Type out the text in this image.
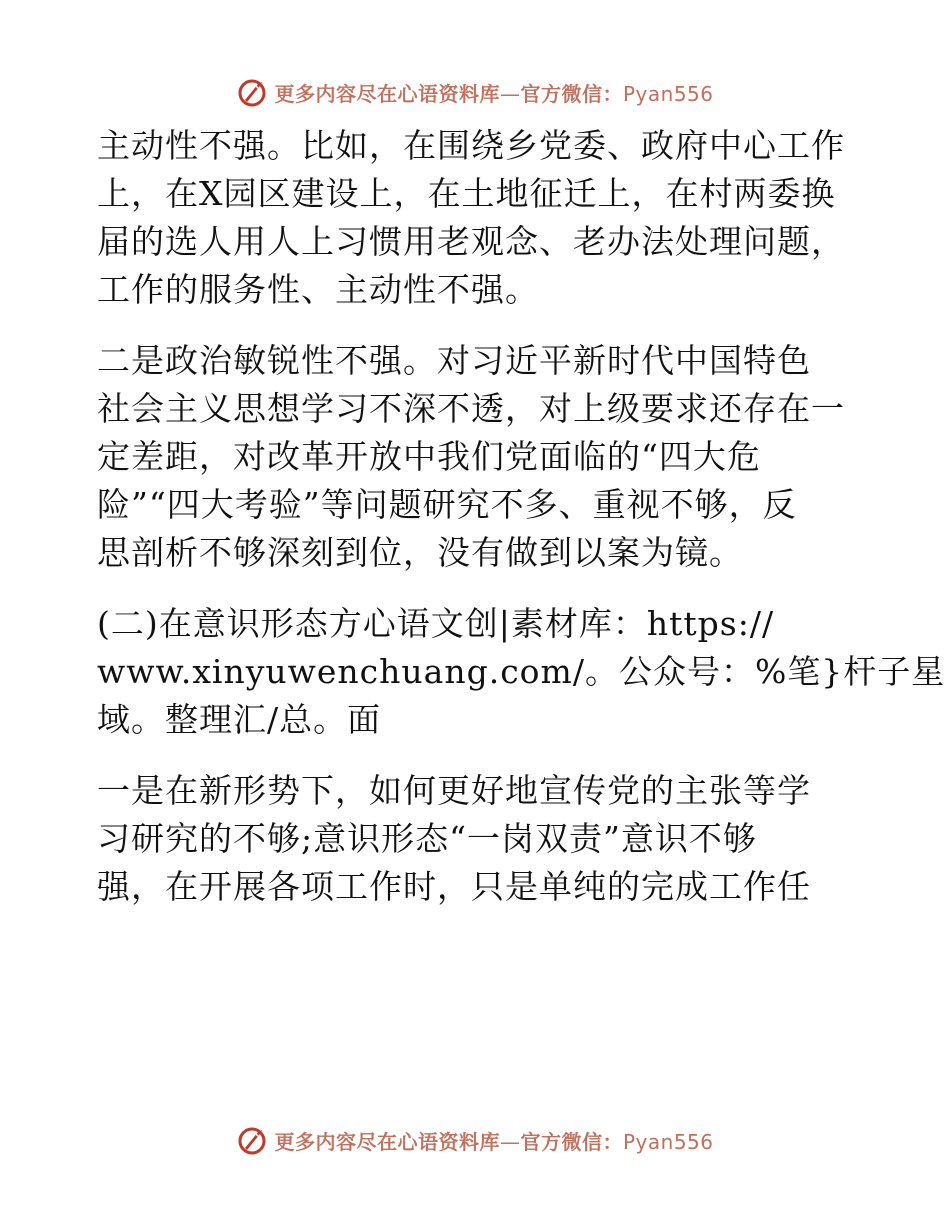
更多内容尽在心语资料库—官方微信：Pyan556
主动性不强。比如，在围绕乡党委、政府中心工作
上，在X园区建设上，在土地征迁上，在村两委换
届的选人用人上习惯用老观念、老办法处理问题，
工作的服务性、主动性不强。
二是政治敏锐性不强。对习近平新时代中国特色
社会主义思想学习不深不透，对上级要求还存在一
定差距，对改革开放中我们党面临的“四大危
险”“四大考验”等问题研究不多、重视不够，反
思剖析不够深刻到位，没有做到以案为镜。
(二)在意识形态方心语文创|素材库：https://
www.xinyuwenchuang.com/。公众号：%笔}杆子星
域。整理汇/总。面
一是在新形势下，如何更好地宣传党的主张等学
习研究的不够;意识形态“一岗双责”意识不够
强，在开展各项工作时，只是单纯的完成工作任
更多内容尽在心语资料库—官方微信：Pyan556
